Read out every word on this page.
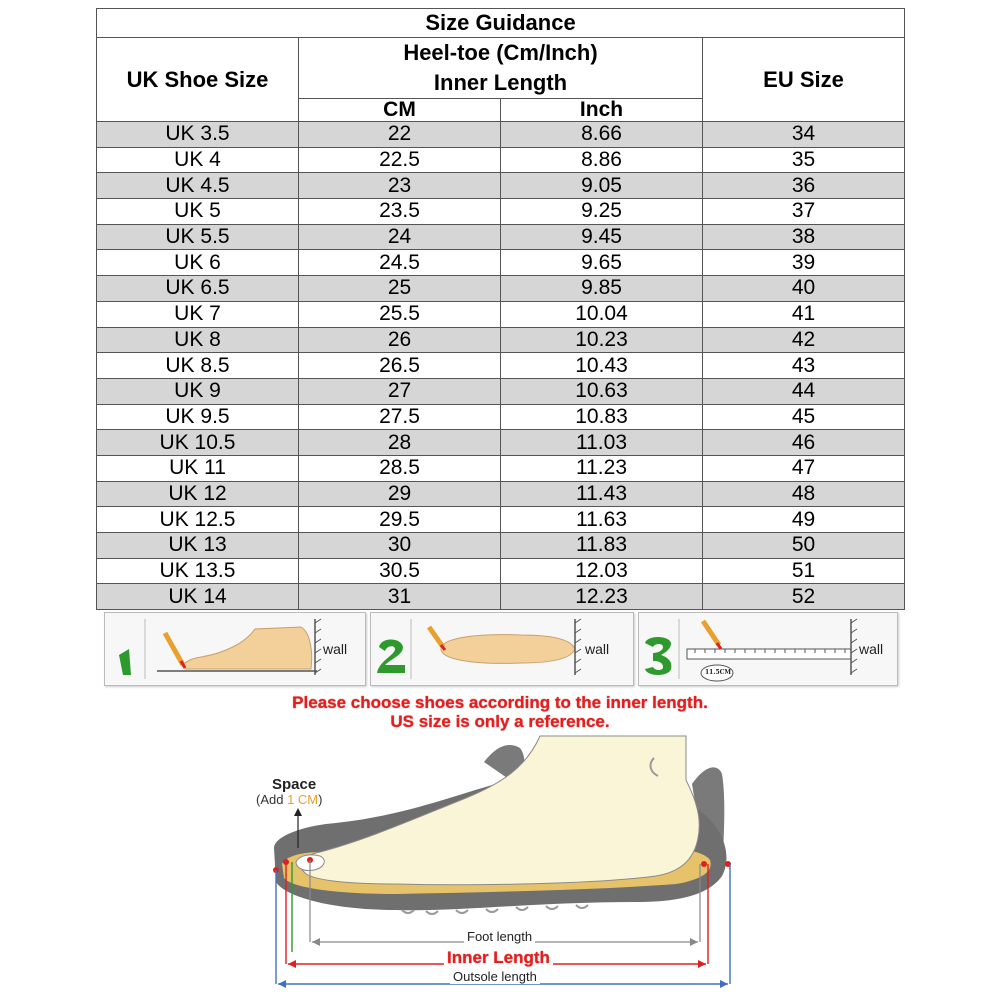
Size Guidance			
UK Shoe Size	Heel-toe (Cm/Inch)
Inner Length		EU Size
	CM	Inch	
UK 3.5	22	8.66	34
UK 4	22.5	8.86	35
UK 4.5	23	9.05	36
UK 5	23.5	9.25	37
UK 5.5	24	9.45	38
UK 6	24.5	9.65	39
UK 6.5	25	9.85	40
UK 7	25.5	10.04	41
UK 8	26	10.23	42
UK 8.5	26.5	10.43	43
UK 9	27	10.63	44
UK 9.5	27.5	10.83	45
UK 10.5	28	11.03	46
UK 11	28.5	11.23	47
UK 12	29	11.43	48
UK 12.5	29.5	11.63	49
UK 13	30	11.83	50
UK 13.5	30.5	12.03	51
UK 14	31	12.23	52
wall	wall
11.5CM
wall
Please choose shoes according to the inner length.
US size is only a reference.
Space
(Add 1 CM)
Foot length
Inner Length
Outsole length
